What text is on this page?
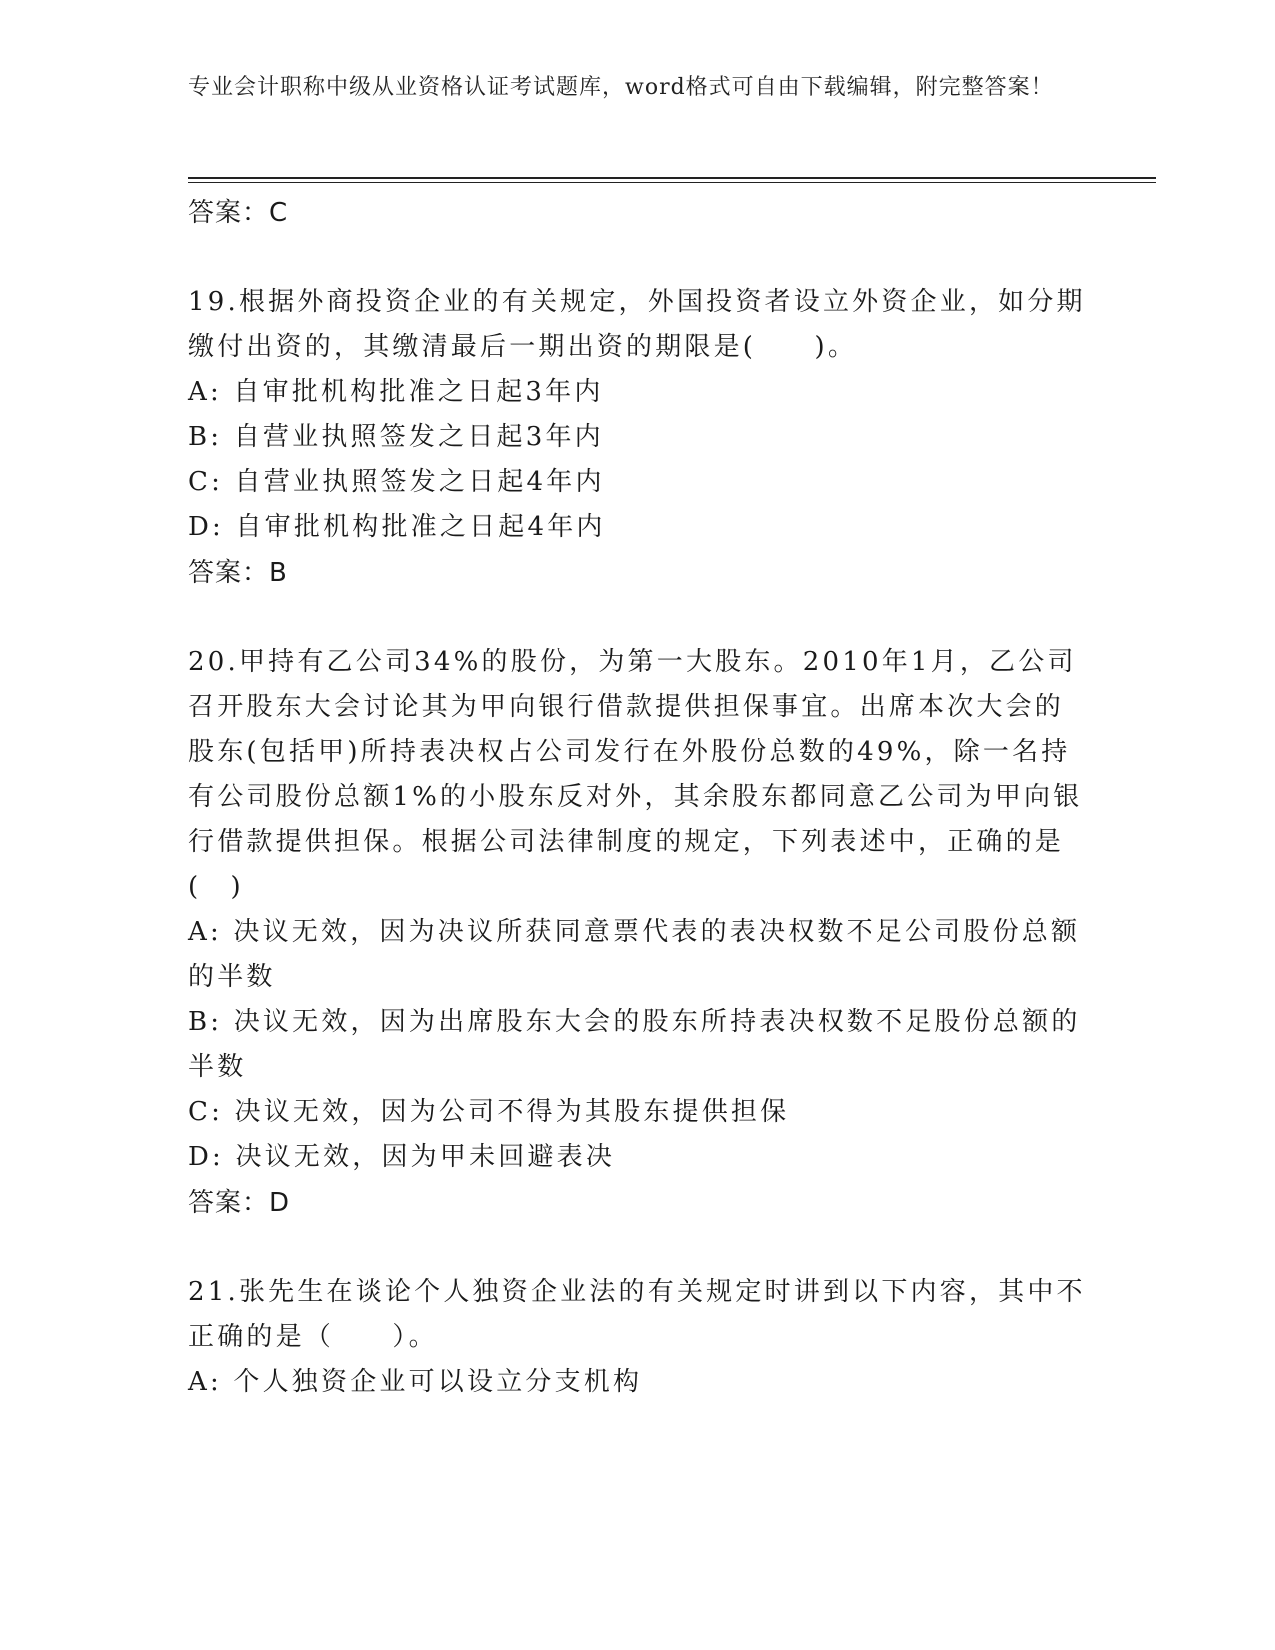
专业会计职称中级从业资格认证考试题库，word格式可自由下载编辑，附完整答案！
答案：C

19.根据外商投资企业的有关规定，外国投资者设立外资企业，如分期缴付出资的，其缴清最后一期出资的期限是(　　)。

A: 自审批机构批准之日起3年内

B: 自营业执照签发之日起3年内

C: 自营业执照签发之日起4年内

D: 自审批机构批准之日起4年内

答案：B

20.甲持有乙公司34%的股份，为第一大股东。2010年1月，乙公司召开股东大会讨论其为甲向银行借款提供担保事宜。出席本次大会的股东(包括甲)所持表决权占公司发行在外股份总数的49%，除一名持有公司股份总额1%的小股东反对外，其余股东都同意乙公司为甲向银行借款提供担保。根据公司法律制度的规定，下列表述中，正确的是(　)

A: 决议无效，因为决议所获同意票代表的表决权数不足公司股份总额的半数

B: 决议无效，因为出席股东大会的股东所持表决权数不足股份总额的半数

C: 决议无效，因为公司不得为其股东提供担保

D: 决议无效，因为甲未回避表决

答案：D

21.张先生在谈论个人独资企业法的有关规定时讲到以下内容，其中不正确的是（　　）。

A: 个人独资企业可以设立分支机构
